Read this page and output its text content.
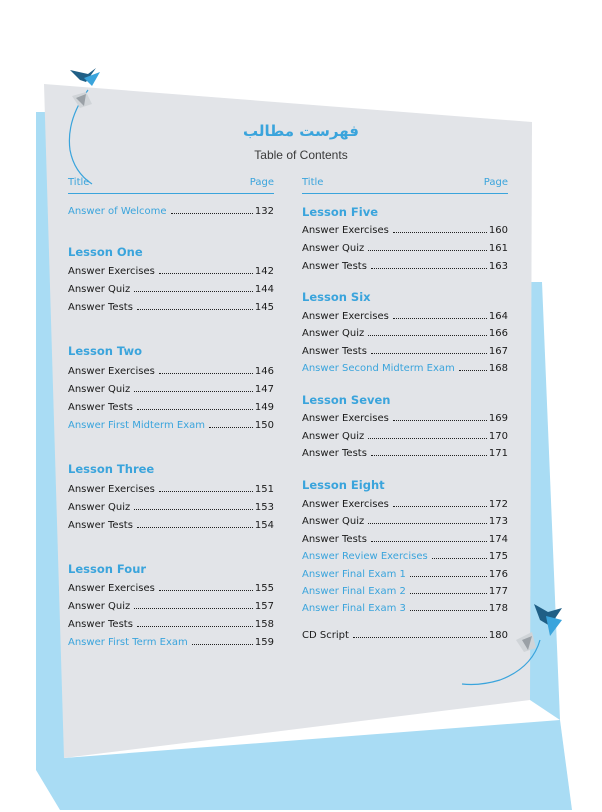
فهرست مطالب
Table of Contents
Title	Page
Answer of Welcome	132
Lesson One
Answer Exercises	142
Answer Quiz	144
Answer Tests	145
Lesson Two
Answer Exercises	146
Answer Quiz	147
Answer Tests	149
Answer First Midterm Exam	150
Lesson Three
Answer Exercises	151
Answer Quiz	153
Answer Tests	154
Lesson Four
Answer Exercises	155
Answer Quiz	157
Answer Tests	158
Answer First Term Exam	159
Title	Page
Lesson Five
Answer Exercises	160
Answer Quiz	161
Answer Tests	163
Lesson Six
Answer Exercises	164
Answer Quiz	166
Answer Tests	167
Answer Second Midterm Exam	168
Lesson Seven
Answer Exercises	169
Answer Quiz	170
Answer Tests	171
Lesson Eight
Answer Exercises	172
Answer Quiz	173
Answer Tests	174
Answer Review Exercises	175
Answer Final Exam 1	176
Answer Final Exam 2	177
Answer Final Exam 3	178
CD Script	180
